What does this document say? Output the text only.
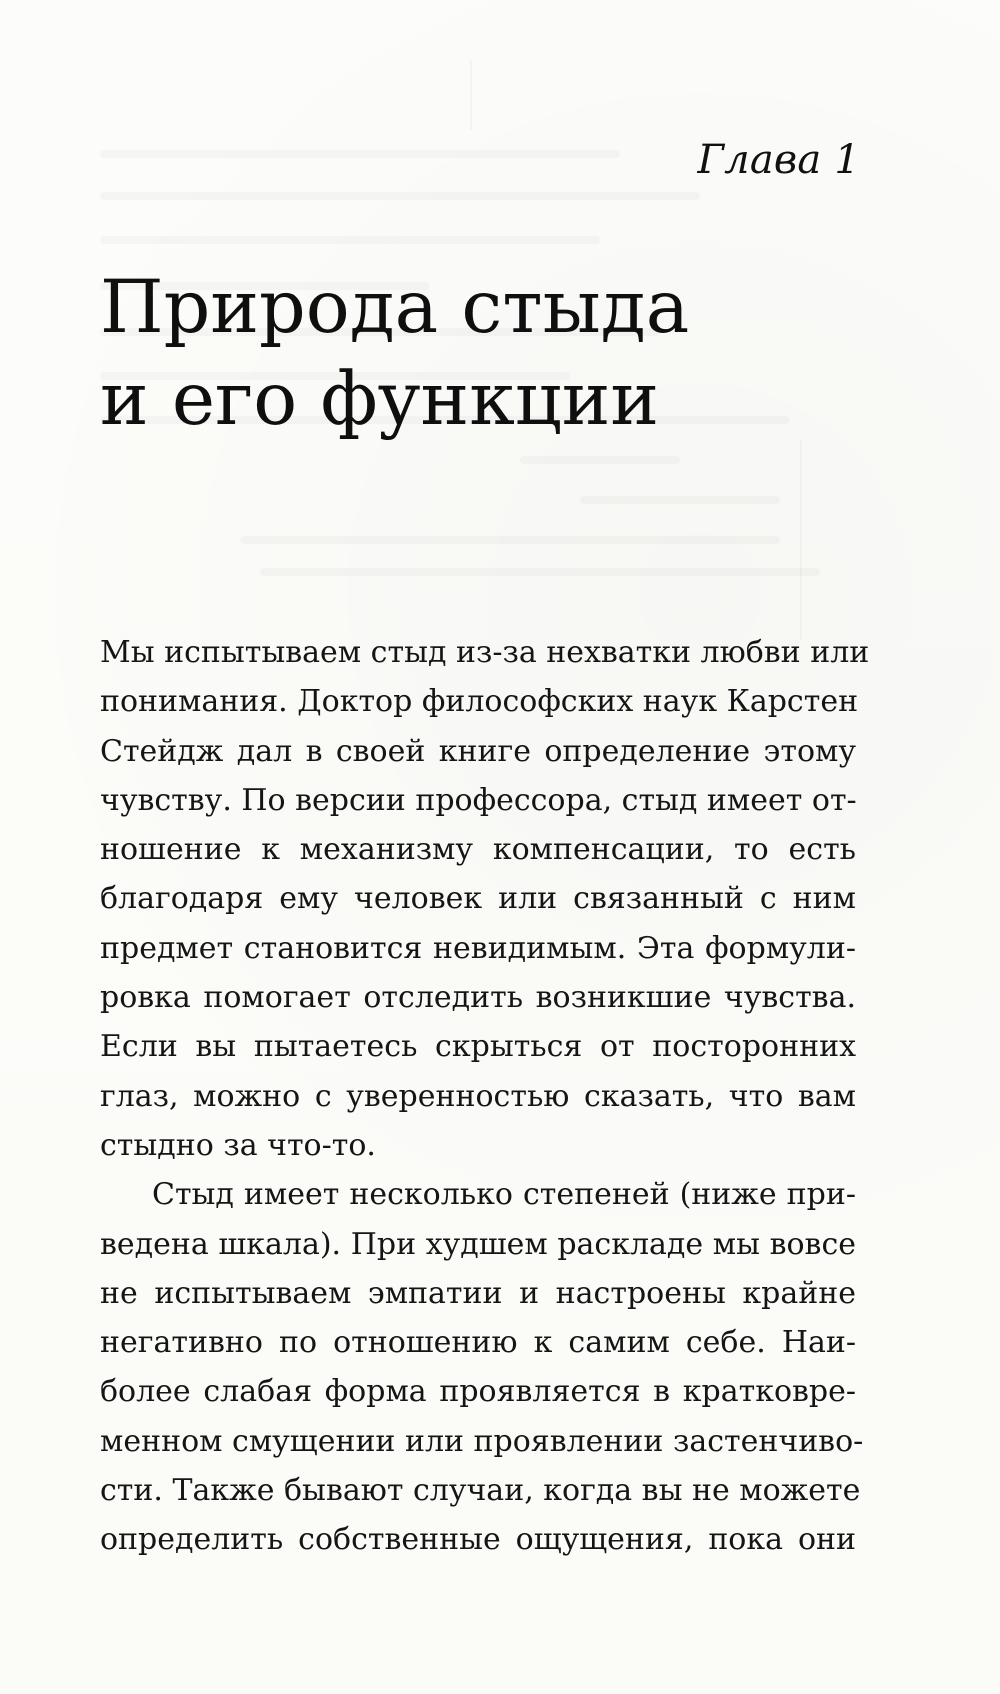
Глава 1
Природа стыда
и его функции
Мы испытываем стыд из-за нехватки любви или
понимания. Доктор философских наук Карстен
Стейдж дал в своей книге определение этому
чувству. По версии профессора, стыд имеет от-
ношение к механизму компенсации, то есть
благодаря ему человек или связанный с ним
предмет становится невидимым. Эта формули-
ровка помогает отследить возникшие чувства.
Если вы пытаетесь скрыться от посторонних
глаз, можно с уверенностью сказать, что вам
стыдно за что-то.
Стыд имеет несколько степеней (ниже при-
ведена шкала). При худшем раскладе мы вовсе
не испытываем эмпатии и настроены крайне
негативно по отношению к самим себе. Наи-
более слабая форма проявляется в кратковре-
менном смущении или проявлении застенчиво-
сти. Также бывают случаи, когда вы не можете
определить собственные ощущения, пока они
